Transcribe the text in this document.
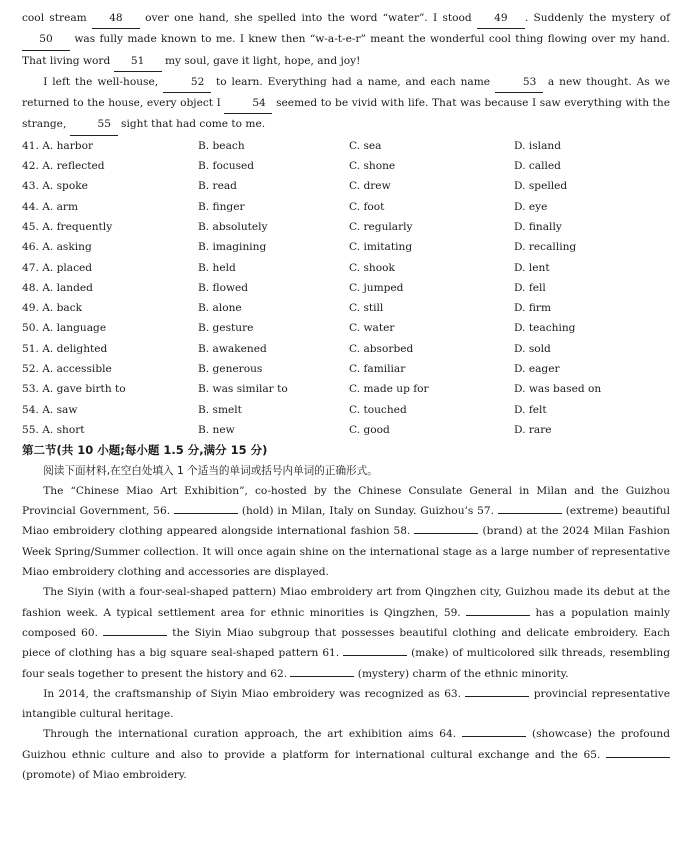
cool stream 48 over one hand, she spelled into the word “water”. I stood 49 . Suddenly the mystery of 50 was fully made known to me. I knew then “w-a-t-e-r” meant the wonderful cool thing flowing over my hand. That living word 51 my soul, gave it light, hope, and joy!

I left the well-house,	52 to learn. Everything had a name, and each name	53 a new thought. As we returned to the house, every object I	54 seemed to be vivid with life. That was because I saw everything with the strange,	55 sight that had come to me.

41. A. harbor	B. beach	C. sea	D. island
42. A. reflected	B. focused	C. shone	D. called
43. A. spoke	B. read	C. drew	D. spelled
44. A. arm	B. finger	C. foot	D. eye
45. A. frequently	B. absolutely	C. regularly	D. finally
46. A. asking	B. imagining	C. imitating	D. recalling
47. A. placed	B. held	C. shook	D. lent
48. A. landed	B. flowed	C. jumped	D. fell
49. A. back	B. alone	C. still	D. firm
50. A. language	B. gesture	C. water	D. teaching
51. A. delighted	B. awakened	C. absorbed	D. sold
52. A. accessible	B. generous	C. familiar	D. eager
53. A. gave birth to	B. was similar to	C. made up for	D. was based on
54. A. saw	B. smelt	C. touched	D. felt
55. A. short	B. new	C. good	D. rare

第二节(共 10 小题;每小题 1.5 分,满分 15 分)

阅读下面材料,在空白处填入 1 个适当的单词或括号内单词的正确形式。

The “Chinese Miao Art Exhibition”, co-hosted by the Chinese Consulate General in Milan and the Guizhou Provincial Government, 56.	(hold) in Milan, Italy on Sunday. Guizhou’s 57.	(extreme) beautiful Miao embroidery clothing appeared alongside international fashion 58.	(brand) at the 2024 Milan Fashion Week Spring/Summer collection. It will once again shine on the international stage as a large number of representative Miao embroidery clothing and accessories are displayed.

The Siyin (with a four-seal-shaped pattern) Miao embroidery art from Qingzhen city, Guizhou made its debut at the fashion week. A typical settlement area for ethnic minorities is Qingzhen, 59.	has a population mainly composed 60.	the Siyin Miao subgroup that possesses beautiful clothing and delicate embroidery. Each piece of clothing has a big square seal-shaped pattern 61.	(make) of multicolored silk threads, resembling four seals together to present the history and 62.	(mystery) charm of the ethnic minority.

In 2014, the craftsmanship of Siyin Miao embroidery was recognized as 63.	provincial representative intangible cultural heritage.

Through the international curation approach, the art exhibition aims 64.	(showcase) the profound Guizhou ethnic culture and also to provide a platform for international cultural exchange and the 65. (promote) of Miao embroidery.
